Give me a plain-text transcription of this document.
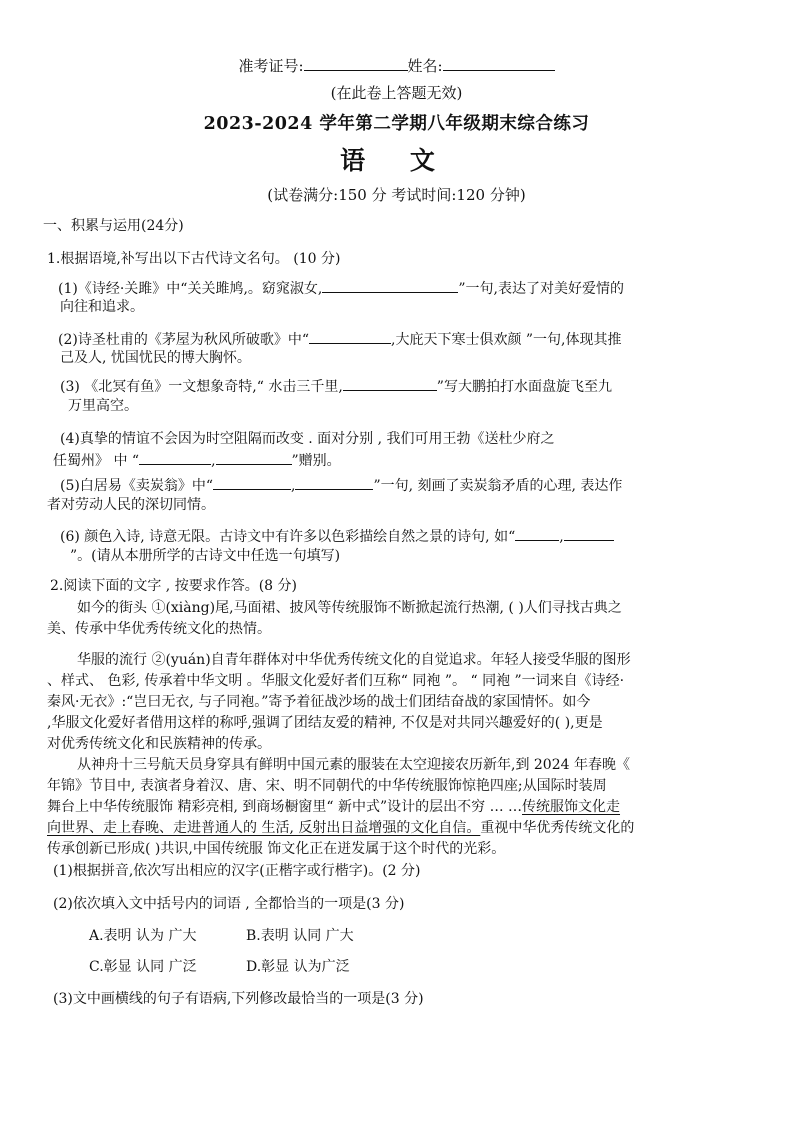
准考证号:	姓名:
(在此卷上答题无效)
2023-2024 学年第二学期八年级期末综合练习
语 文
(试卷满分:150 分 考试时间:120 分钟)
一、积累与运用(24分)
1.根据语境,补写出以下古代诗文名句。 (10 分)
(1)《诗经·关雎》中“关关雎鸠,。窈窕淑女,	”一句,表达了对美好爱情的
向往和追求。
(2)诗圣杜甫的《茅屋为秋风所破歌》中“	,大庇天下寒士俱欢颜 ”一句,体现其推
己及人, 忧国忧民的博大胸怀。
(3) 《北冥有鱼》一文想象奇特,“ 水击三千里,	”写大鹏拍打水面盘旋飞至九
万里高空。
(4)真挚的情谊不会因为时空阻隔而改变 . 面对分别 , 我们可用王勃《送杜少府之
任蜀州》 中 “	,	”赠别。
(5)白居易《卖炭翁》中“	,	”一句, 刻画了卖炭翁矛盾的心理, 表达作
者对劳动人民的深切同情。
(6) 颜色入诗, 诗意无限。古诗文中有许多以色彩描绘自然之景的诗句, 如“	,
”。(请从本册所学的古诗文中任选一句填写)
2.阅读下面的文字 , 按要求作答。(8 分)
如今的街头 ①(xiàng)尾,马面裙、披风等传统服饰不断掀起流行热潮, ( )人们寻找古典之
美、传承中华优秀传统文化的热情。
华服的流行 ②(yuán)自青年群体对中华优秀传统文化的自觉追求。年轻人接受华服的图形
、样式、 色彩, 传承着中华文明 。华服文化爱好者们互称“ 同袍 ”。 “ 同袍 ”一词来自《诗经·
秦风·无衣》:“岂曰无衣, 与子同袍。”寄予着征战沙场的战士们团结奋战的家国情怀。如今
,华服文化爱好者借用这样的称呼,强调了团结友爱的精神, 不仅是对共同兴趣爱好的( ),更是
对优秀传统文化和民族精神的传承。
从神舟十三号航天员身穿具有鲜明中国元素的服装在太空迎接农历新年,到 2024 年春晚《
年锦》节目中, 表演者身着汉、唐、宋、明不同朝代的中华传统服饰惊艳四座;从国际时装周
舞台上中华传统服饰 精彩亮相, 到商场橱窗里“ 新中式”设计的层出不穷 … …传统服饰文化走
向世界、走上春晚、走进普通人的 生活, 反射出日益增强的文化自信。重视中华优秀传统文化的
传承创新已形成( )共识,中国传统服 饰文化正在迸发属于这个时代的光彩。
(1)根据拼音,依次写出相应的汉字(正楷字或行楷字)。(2 分)
(2)依次填入文中括号内的词语 , 全都恰当的一项是(3 分)
A.表明 认为 广大	B.表明 认同 广大
C.彰显 认同 广泛	D.彰显 认为广泛
(3)文中画横线的句子有语病,下列修改最恰当的一项是(3 分)
